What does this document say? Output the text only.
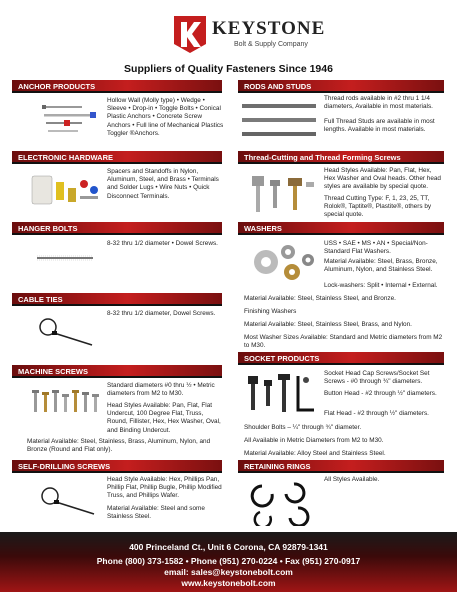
KEYSTONE
Bolt & Supply Company
Suppliers of Quality Fasteners Since 1946
ANCHOR PRODUCTS
Hollow Wall (Molly type) • Wedge • Sleeve • Drop-in • Toggle Bolts • Conical Plastic Anchors • Concrete Screw Anchors • Full line of Mechanical Plastics Toggler ®Anchors.
ELECTRONIC HARDWARE
Spacers and Standoffs in Nylon, Aluminum, Steel, and Brass • Terminals and Solder Lugs • Wire Nuts • Quick Disconnect Terminals.
HANGER BOLTS
8-32 thru 1/2 diameter • Dowel Screws.
CABLE TIES
8-32 thru 1/2 diameter, Dowel Screws.
MACHINE SCREWS
Standard diameters #0 thru ½ • Metric diameters from M2 to M30.
Head Styles Available: Pan, Flat, Flat Undercut, 100 Degree Flat, Truss, Round, Fillister, Hex, Hex Washer, Oval, and Binding Undercut.
Material Available: Steel, Stainless, Brass, Aluminum, Nylon, and Bronze (Round and Flat only).
SELF-DRILLING SCREWS
Head Style Available: Hex, Phillips Pan, Phillip Flat, Phillip Bugle, Phillip Modified Truss, and Phillips Wafer.
Material Available: Steel and some Stainless Steel.
RODS AND STUDS
Thread rods available in #2 thru 1 1/4 diameters, Available in most materials.
Full Thread Studs are available in most lengths. Available in most materials.
Thread-Cutting and Thread Forming Screws
Head Styles Available: Pan, Flat, Hex, Hex Washer and Oval heads. Other head styles are available by special quote.
Thread Cutting Type: F, 1, 23, 25, TT, Rolok®, Taptite®, Plastite®, others by special quote.
WASHERS
USS • SAE • MS • AN • Special/Non-Standard Flat Washers.
Material Available: Steel, Brass, Bronze, Aluminum, Nylon, and Stainless Steel.
Lock-washers: Split • Internal • External.
Material Available: Steel, Stainless Steel, and Bronze.
Finishing Washers
Material Available: Steel, Stainless Steel, Brass, and Nylon.
Most Washer Sizes Available: Standard and Metric diameters from M2 to M30.
SOCKET PRODUCTS
Socket Head Cap Screws/Socket Set Screws - #0 through ¾" diameters.
Button Head - #2 through ½" diameters.
Flat Head - #2 through ½" diameters.
Shoulder Bolts – ¼" through ¾" diameter.
All Available in Metric Diameters from M2 to M30.
Material Available: Alloy Steel and Stainless Steel.
RETAINING RINGS
All Styles Available.
400 Princeland Ct., Unit 6 Corona, CA 92879-1341
Phone (800) 373-1582 • Phone (951) 270-0224 • Fax (951) 270-0917
email: sales@keystonebolt.com
www.keystonebolt.com
